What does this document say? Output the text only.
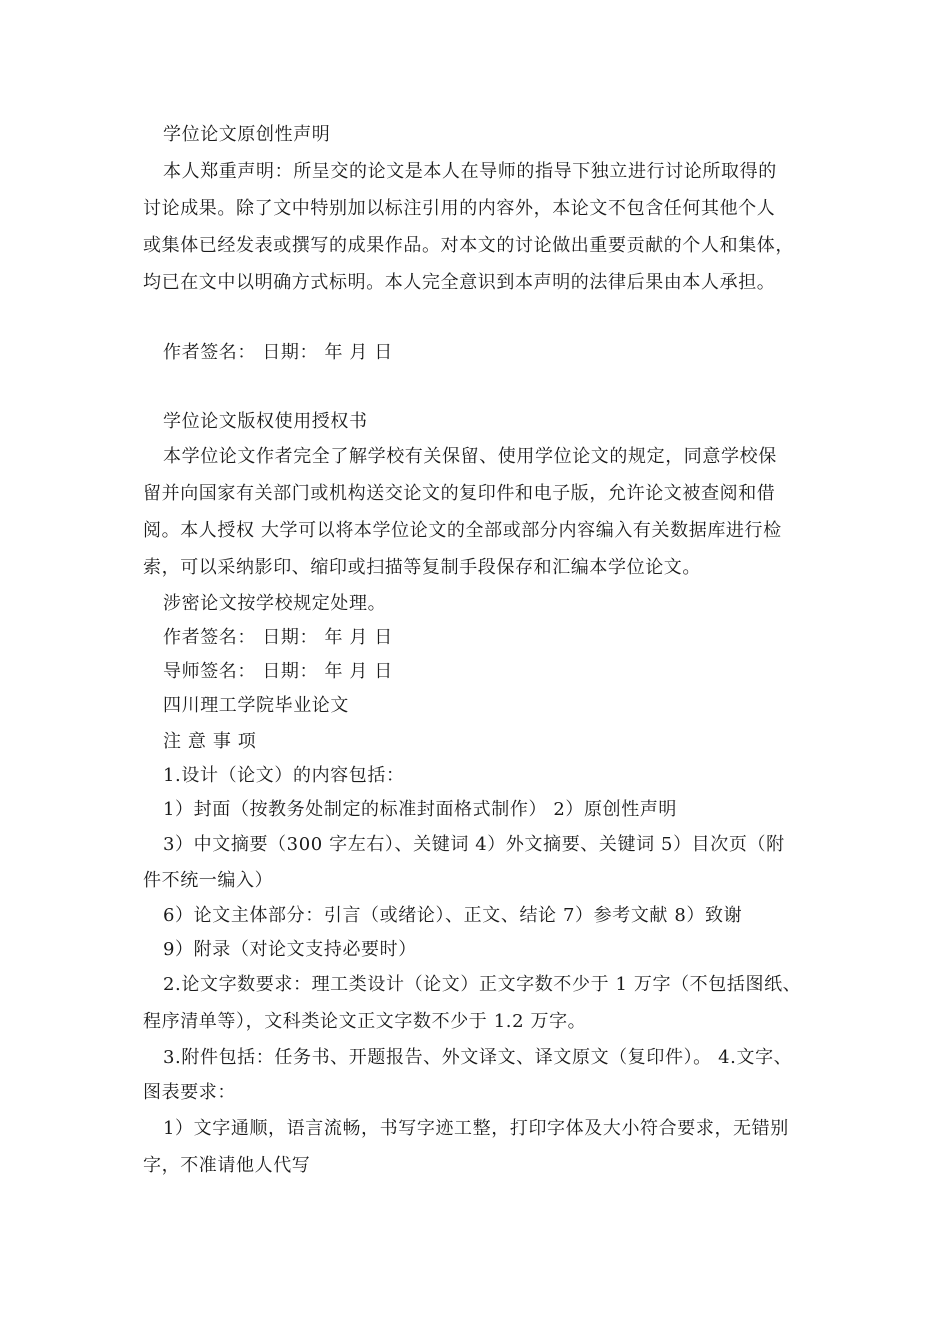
学位论文原创性声明
本人郑重声明：所呈交的论文是本人在导师的指导下独立进行讨论所取得的
讨论成果。除了文中特别加以标注引用的内容外，本论文不包含任何其他个人
或集体已经发表或撰写的成果作品。对本文的讨论做出重要贡献的个人和集体，
均已在文中以明确方式标明。本人完全意识到本声明的法律后果由本人承担。
作者签名： 日期： 年 月 日
学位论文版权使用授权书
本学位论文作者完全了解学校有关保留、使用学位论文的规定，同意学校保
留并向国家有关部门或机构送交论文的复印件和电子版，允许论文被查阅和借
阅。本人授权 大学可以将本学位论文的全部或部分内容编入有关数据库进行检
索，可以采纳影印、缩印或扫描等复制手段保存和汇编本学位论文。
涉密论文按学校规定处理。
作者签名： 日期： 年 月 日
导师签名： 日期： 年 月 日
四川理工学院毕业论文
注 意 事 项
1.设计（论文）的内容包括：
1）封面（按教务处制定的标准封面格式制作） 2）原创性声明
3）中文摘要（300 字左右）、关键词 4）外文摘要、关键词 5）目次页（附
件不统一编入）
6）论文主体部分：引言（或绪论）、正文、结论 7）参考文献 8）致谢
9）附录（对论文支持必要时）
2.论文字数要求：理工类设计（论文）正文字数不少于 1 万字（不包括图纸、
程序清单等），文科类论文正文字数不少于 1.2 万字。
3.附件包括：任务书、开题报告、外文译文、译文原文（复印件）。 4.文字、
图表要求：
1）文字通顺，语言流畅，书写字迹工整，打印字体及大小符合要求，无错别
字，不准请他人代写
